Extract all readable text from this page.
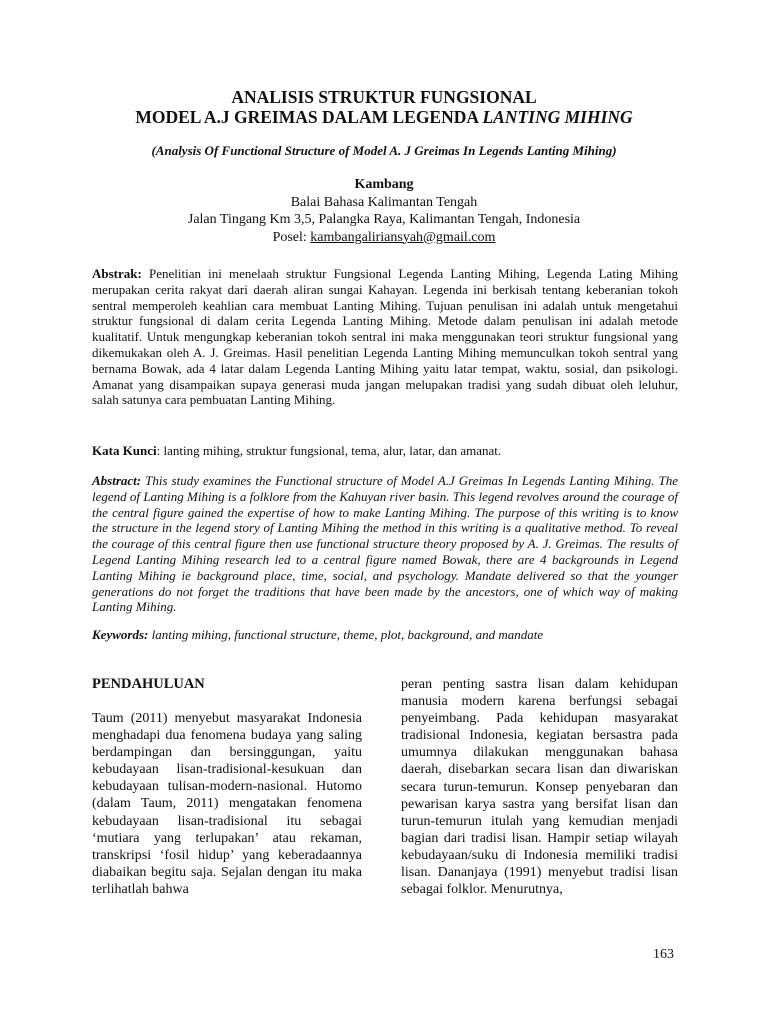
ANALISIS STRUKTUR FUNGSIONAL
MODEL A.J GREIMAS DALAM LEGENDA LANTING MIHING
(Analysis Of Functional Structure of Model A. J Greimas In Legends Lanting Mihing)
Kambang
Balai Bahasa Kalimantan Tengah
Jalan Tingang Km 3,5, Palangka Raya, Kalimantan Tengah, Indonesia
Posel: kambangaliriansyah@gmail.com
Abstrak: Penelitian ini menelaah struktur Fungsional Legenda Lanting Mihing, Legenda Lating Mihing merupakan cerita rakyat dari daerah aliran sungai Kahayan. Legenda ini berkisah tentang keberanian tokoh sentral memperoleh keahlian cara membuat Lanting Mihing. Tujuan penulisan ini adalah untuk mengetahui struktur fungsional di dalam cerita Legenda Lanting Mihing. Metode dalam penulisan ini adalah metode kualitatif. Untuk mengungkap keberanian tokoh sentral ini maka menggunakan teori struktur fungsional yang dikemukakan oleh A. J. Greimas. Hasil penelitian Legenda Lanting Mihing memunculkan tokoh sentral yang bernama Bowak, ada 4 latar dalam Legenda Lanting Mihing yaitu latar tempat, waktu, sosial, dan psikologi. Amanat yang disampaikan supaya generasi muda jangan melupakan tradisi yang sudah dibuat oleh leluhur, salah satunya cara pembuatan Lanting Mihing.
Kata Kunci: lanting mihing, struktur fungsional, tema, alur, latar, dan amanat.
Abstract: This study examines the Functional structure of Model A.J Greimas In Legends Lanting Mihing. The legend of Lanting Mihing is a folklore from the Kahuyan river basin. This legend revolves around the courage of the central figure gained the expertise of how to make Lanting Mihing. The purpose of this writing is to know the structure in the legend story of Lanting Mihing the method in this writing is a qualitative method. To reveal the courage of this central figure then use functional structure theory proposed by A. J. Greimas. The results of Legend Lanting Mihing research led to a central figure named Bowak, there are 4 backgrounds in Legend Lanting Mihing ie background place, time, social, and psychology. Mandate delivered so that the younger generations do not forget the traditions that have been made by the ancestors, one of which way of making Lanting Mihing.
Keywords: lanting mihing, functional structure, theme, plot, background, and mandate
PENDAHULUAN

Taum (2011) menyebut masyarakat Indonesia menghadapi dua fenomena budaya yang saling berdampingan dan bersinggungan, yaitu kebudayaan lisan-tradisional-kesukuan dan kebudayaan tulisan-modern-nasional. Hutomo (dalam Taum, 2011) mengatakan fenomena kebudayaan lisan-tradisional itu sebagai ‘mutiara yang terlupakan’ atau rekaman, transkripsi ‘fosil hidup’ yang keberadaannya diabaikan begitu saja. Sejalan dengan itu maka terlihatlah bahwa

peran penting sastra lisan dalam kehidupan manusia modern karena berfungsi sebagai penyeimbang. Pada kehidupan masyarakat tradisional Indonesia, kegiatan bersastra pada umumnya dilakukan menggunakan bahasa daerah, disebarkan secara lisan dan diwariskan secara turun-temurun. Konsep penyebaran dan pewarisan karya sastra yang bersifat lisan dan turun-temurun itulah yang kemudian menjadi bagian dari tradisi lisan. Hampir setiap wilayah kebudayaan/suku di Indonesia memiliki tradisi lisan. Dananjaya (1991) menyebut tradisi lisan sebagai folklor. Menurutnya,

163
